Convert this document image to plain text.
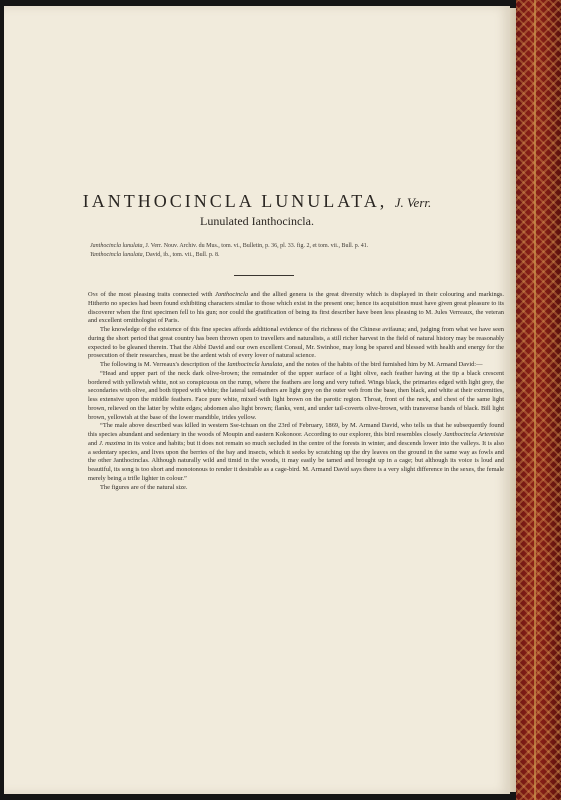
IANTHOCINCLA LUNULATA, J. Verr.
Lunulated Ianthocincla.
Janthocincla lunulata, J. Verr. Nouv. Archiv. du Mus., tom. vi., Bulletin, p. 36, pl. 33. fig. 2, et tom. vii., Bull. p. 41.
Yanthocincla lunulata, David, ib., tom. vii., Bull. p. 8.

One of the most pleasing traits connected with Janthocincla and the allied genera is the great diversity which is displayed in their colouring and markings. Hitherto no species had been found exhibiting characters similar to those which exist in the present one; hence its acquisition must have given great pleasure to its discoverer when the first specimen fell to his gun; nor could the gratification of being its first describer have been less pleasing to M. Jules Verreaux, the veteran and excellent ornithologist of Paris.

The knowledge of the existence of this fine species affords additional evidence of the richness of the Chinese avifauna; and, judging from what we have seen during the short period that great country has been thrown open to travellers and naturalists, a still richer harvest in the field of natural history may be reasonably expected to be gleaned therein. That the Abbé David and our own excellent Consul, Mr. Swinhoe, may long be spared and blessed with health and energy for the prosecution of their researches, must be the ardent wish of every lover of natural science.

The following is M. Verreaux's description of the Ianthocincla lunulata, and the notes of the habits of the bird furnished him by M. Armand David:—

“Head and upper part of the neck dark olive-brown; the remainder of the upper surface of a light olive, each feather having at the tip a black crescent bordered with yellowish white, not so conspicuous on the rump, where the feathers are long and very tufted. Wings black, the primaries edged with light grey, the secondaries with olive, and both tipped with white; the lateral tail-feathers are light grey on the outer web from the base, then black, and white at their extremities, less extensive upon the middle feathers. Face pure white, mixed with light brown on the parotic region. Throat, front of the neck, and chest of the same light brown, relieved on the latter by white edges; abdomen also light brown; flanks, vent, and under tail-coverts olive-brown, with transverse bands of black. Bill light brown, yellowish at the base of the lower mandible, irides yellow.

“The male above described was killed in western Sse-tchuan on the 23rd of February, 1869, by M. Armand David, who tells us that he subsequently found this species abundant and sedentary in the woods of Moupin and eastern Kokonoor. According to our explorer, this bird resembles closely Janthocincla Artemisiæ and J. maxima in its voice and habits; but it does not remain so much secluded in the centre of the forests in winter, and descends lower into the valleys. It is also a sedentary species, and lives upon the berries of the bay and insects, which it seeks by scratching up the dry leaves on the ground in the same way as fowls and the other Janthocinclas. Although naturally wild and timid in the woods, it may easily be tamed and brought up in a cage; but although its voice is loud and beautiful, its song is too short and monotonous to render it desirable as a cage-bird. M. Armand David says there is a very slight difference in the sexes, the female merely being a trifle lighter in colour.”

The figures are of the natural size.
